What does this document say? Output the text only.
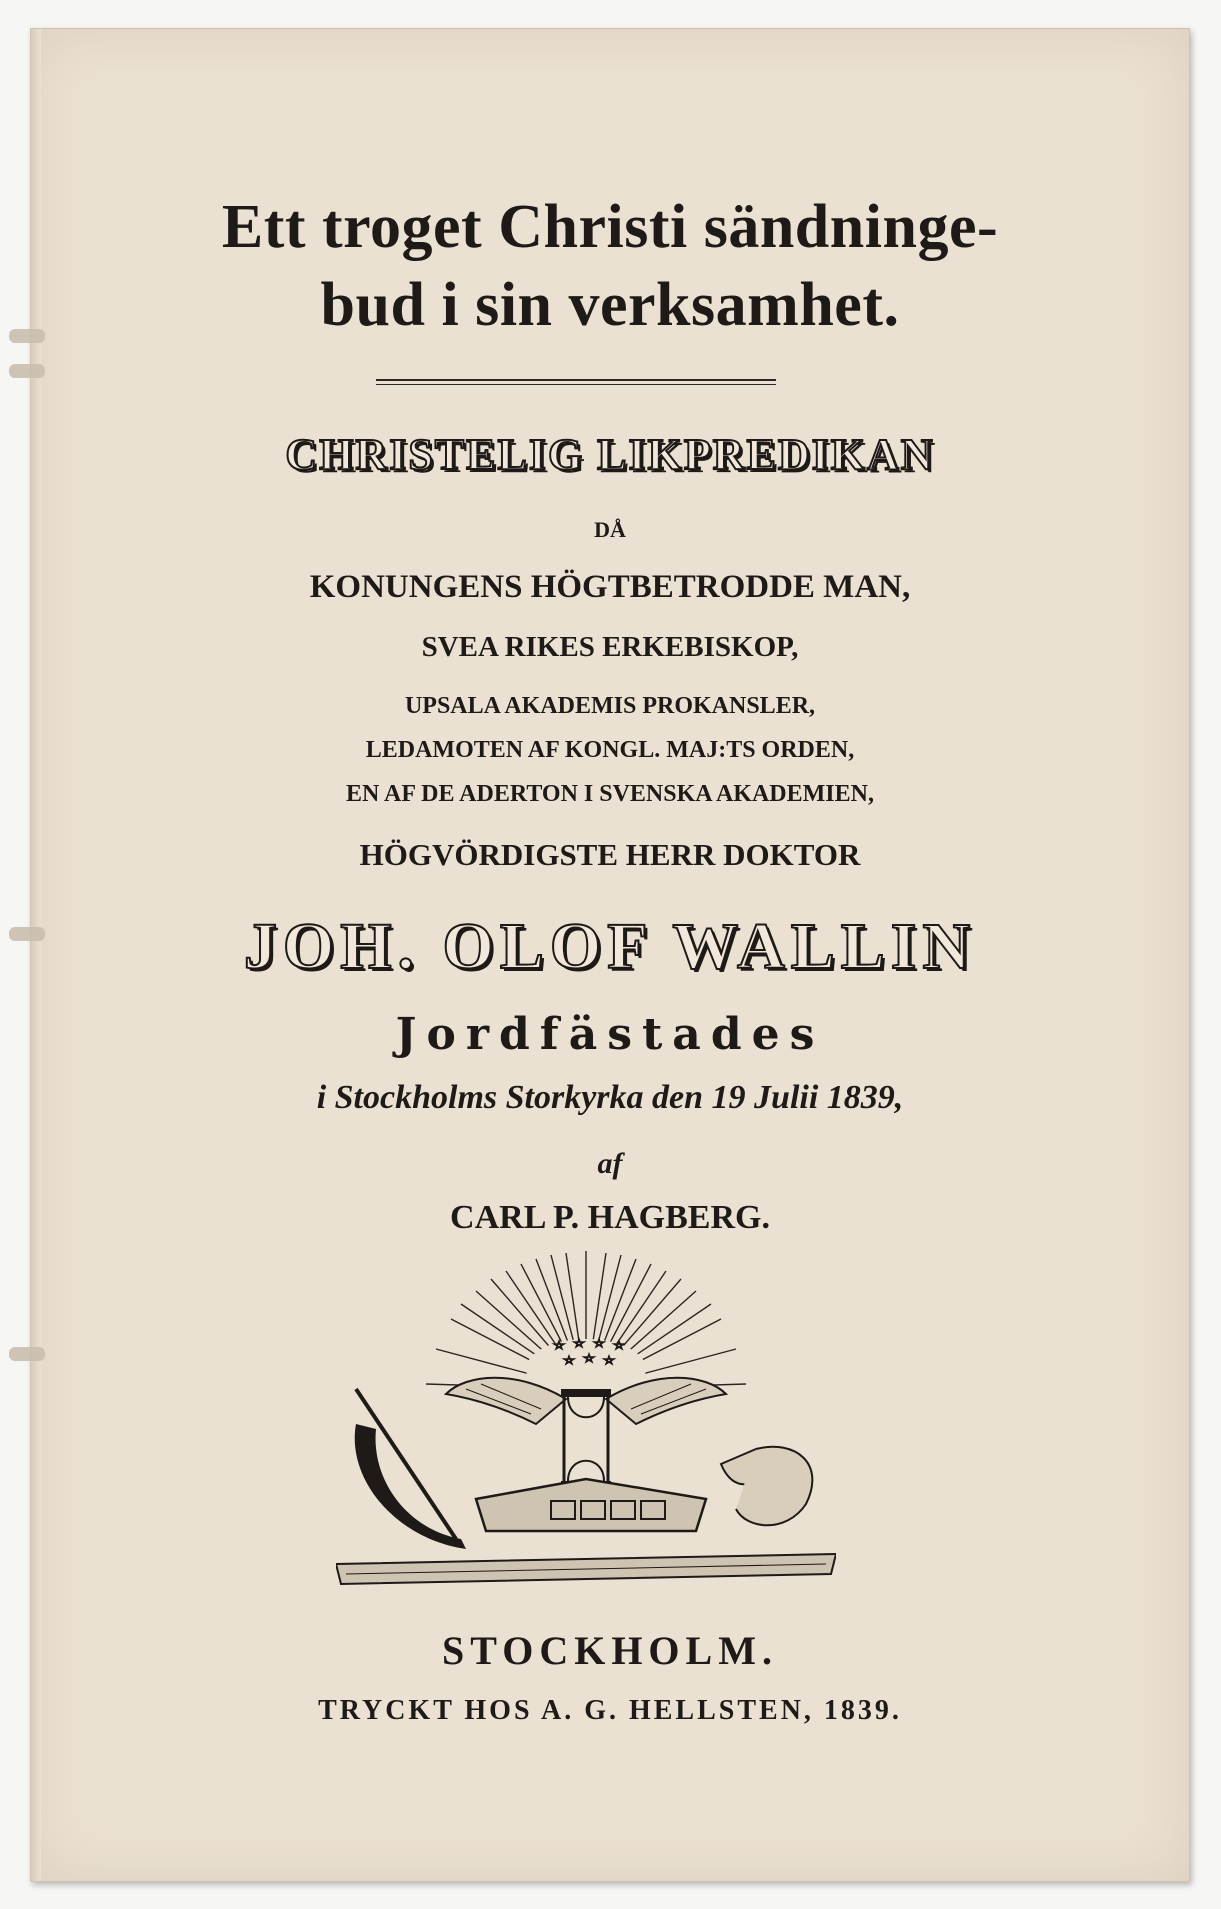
Ett troget Christi sändninge-
bud i sin verksamhet.
CHRISTELIG LIKPREDIKAN
DÅ
KONUNGENS HÖGTBETRODDE MAN,
SVEA RIKES ERKEBISKOP,
UPSALA AKADEMIS PROKANSLER,
LEDAMOTEN AF KONGL. MAJ:TS ORDEN,
EN AF DE ADERTON I SVENSKA AKADEMIEN,
HÖGVÖRDIGSTE HERR DOKTOR
JOH. OLOF WALLIN
Jordfästades
i Stockholms Storkyrka den 19 Julii 1839,
af
CARL P. HAGBERG.
STOCKHOLM.
TRYCKT HOS A. G. HELLSTEN, 1839.
